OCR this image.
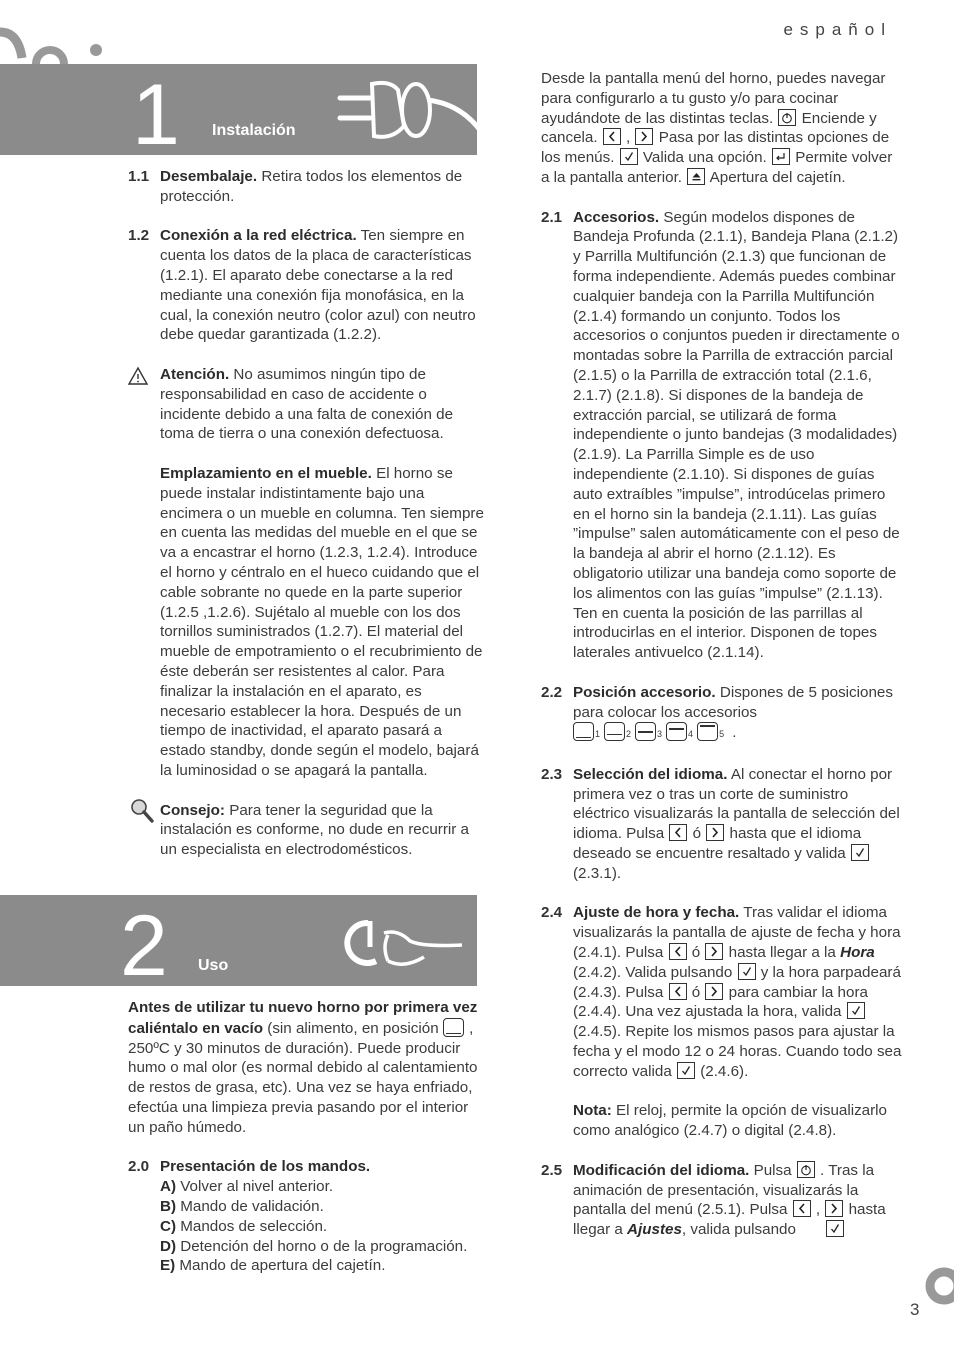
español
3
1 Instalación
1.1 Desembalaje. Retira todos los elementos de protección.
1.2 Conexión a la red eléctrica. Ten siempre en cuenta los datos de la placa de características (1.2.1). El aparato debe conectarse a la red mediante una conexión fija monofásica, en la cual, la conexión neutro (color azul) con neutro debe quedar garantizada (1.2.2).
Atención. No asumimos ningún tipo de responsabilidad en caso de accidente o incidente debido a una falta de conexión de toma de tierra o una conexión defectuosa.
Emplazamiento en el mueble. El horno se puede instalar indistintamente bajo una encimera o un mueble en columna. Ten siempre en cuenta las medidas del mueble en el que se va a encastrar el horno (1.2.3, 1.2.4). Introduce el horno y céntralo en el hueco cuidando que el cable sobrante no quede en la parte superior (1.2.5 ,1.2.6). Sujétalo al mueble con los dos tornillos suministrados (1.2.7). El material del mueble de empotramiento o el recubrimiento de éste deberán ser resistentes al calor. Para finalizar la instalación en el aparato, es necesario establecer la hora. Después de un tiempo de inactividad, el aparato pasará a estado standby, donde según el modelo, bajará la luminosidad o se apagará la pantalla.
Consejo: Para tener la seguridad que la instalación es conforme, no dude en recurrir a un especialista en electrodomésticos.
2 Uso

Antes de utilizar tu nuevo horno por primera vez caliéntalo en vacío (sin alimento, en posición
, 250ºC y 30 minutos de duración). Puede producir humo o mal olor (es normal debido al calentamiento de restos de grasa, etc). Una vez se haya enfriado, efectúa una limpieza previa pasando por el interior un paño húmedo.

2.0 Presentación de los mandos.
A) Volver al nivel anterior.
B) Mando de validación.
C) Mandos de selección.
D) Detención del horno o de la programación.
E) Mando de apertura del cajetín.

Desde la pantalla menú del horno, puedes navegar para configurarlo a tu gusto y/o para cocinar ayudándote de las distintas teclas.
Enciende y cancela.
,
Pasa por las distintas opciones de los menús.
Valida una opción.
Permite volver a la pantalla anterior.
Apertura del cajetín.

2.1 Accesorios. Según modelos dispones de Bandeja Profunda (2.1.1), Bandeja Plana (2.1.2) y Parrilla Multifunción (2.1.3) que funcionan de forma independiente. Además puedes combinar cualquier bandeja con la Parrilla Multifunción (2.1.4) formando un conjunto. Todos los accesorios o conjuntos pueden ir directamente o montadas sobre la Parrilla de extracción parcial (2.1.5) o la Parrilla de extracción total (2.1.6, 2.1.7) (2.1.8). Si dispones de la bandeja de extracción parcial, se utilizará de forma independiente o junto bandejas (3 modalidades) (2.1.9). La Parrilla Simple es de uso independiente (2.1.10). Si dispones de guías auto extraíbles ”impulse”, introdúcelas primero en el horno sin la bandeja (2.1.11). Las guías ”impulse” salen automáticamente con el peso de la bandeja al abrir el horno (2.1.12). Es obligatorio utilizar una bandeja como soporte de los alimentos con las guías ”impulse” (2.1.13). Ten en cuenta la posición de las parrillas al introducirlas en el interior. Disponen de topes laterales antivuelco (2.1.14).
2.2 Posición accesorio. Dispones de 5 posiciones para colocar los accesorios

1	2	3	4	5 .
2.3 Selección del idioma. Al conectar el horno por primera vez o tras un corte de suministro eléctrico visualizarás la pantalla de selección del idioma. Pulsa
ó
hasta que el idioma deseado se encuentre resaltado y valida
(2.3.1).
2.4 Ajuste de hora y fecha. Tras validar el idioma visualizarás la pantalla de ajuste de fecha y hora (2.4.1). Pulsa
ó
hasta llegar a la Hora (2.4.2). Valida pulsando
y la hora parpadeará (2.4.3). Pulsa
ó
para cambiar la hora (2.4.4). Una vez ajustada la hora, valida
(2.4.5). Repite los mismos pasos para ajustar la fecha y el modo 12 o 24 horas. Cuando todo sea correcto valida
(2.4.6).
Nota: El reloj, permite la opción de visualizarlo como analógico (2.4.7) o digital (2.4.8).
2.5 Modificación del idioma. Pulsa
. Tras la animación de presentación, visualizarás la pantalla del menú (2.5.1). Pulsa
,
hasta llegar a Ajustes, valida pulsando
